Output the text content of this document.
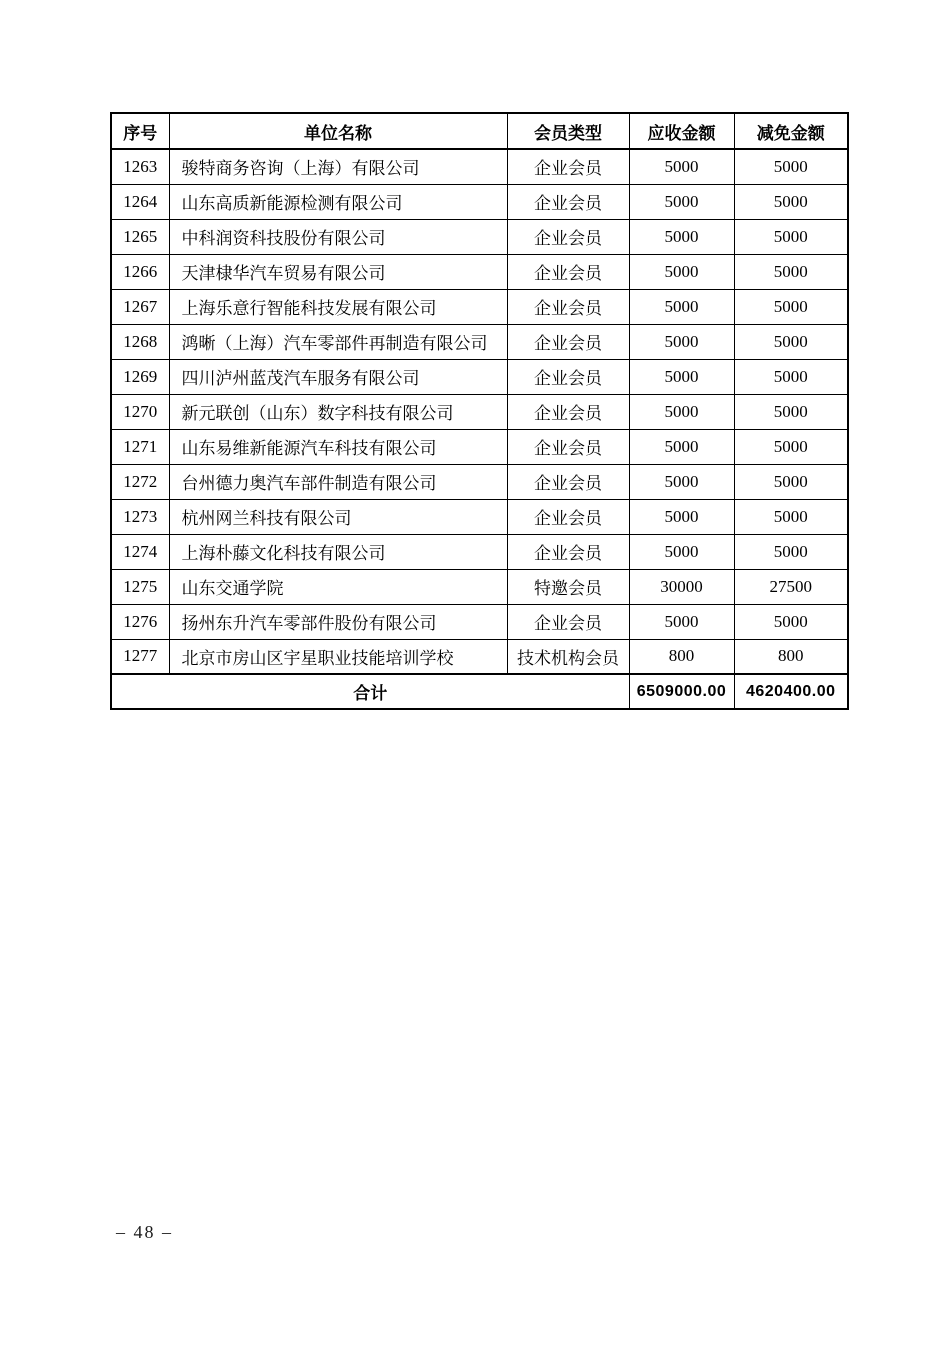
序号	单位名称	会员类型	应收金额	减免金额
1263	骏特商务咨询（上海）有限公司	企业会员	5000	5000
1264	山东高质新能源检测有限公司	企业会员	5000	5000
1265	中科润资科技股份有限公司	企业会员	5000	5000
1266	天津棣华汽车贸易有限公司	企业会员	5000	5000
1267	上海乐意行智能科技发展有限公司	企业会员	5000	5000
1268	鸿晰（上海）汽车零部件再制造有限公司	企业会员	5000	5000
1269	四川泸州蓝茂汽车服务有限公司	企业会员	5000	5000
1270	新元联创（山东）数字科技有限公司	企业会员	5000	5000
1271	山东易维新能源汽车科技有限公司	企业会员	5000	5000
1272	台州德力奥汽车部件制造有限公司	企业会员	5000	5000
1273	杭州网兰科技有限公司	企业会员	5000	5000
1274	上海朴藤文化科技有限公司	企业会员	5000	5000
1275	山东交通学院	特邀会员	30000	27500
1276	扬州东升汽车零部件股份有限公司	企业会员	5000	5000
1277	北京市房山区宇星职业技能培训学校	技术机构会员	800	800
合计			6509000.00	4620400.00
– 48 –
